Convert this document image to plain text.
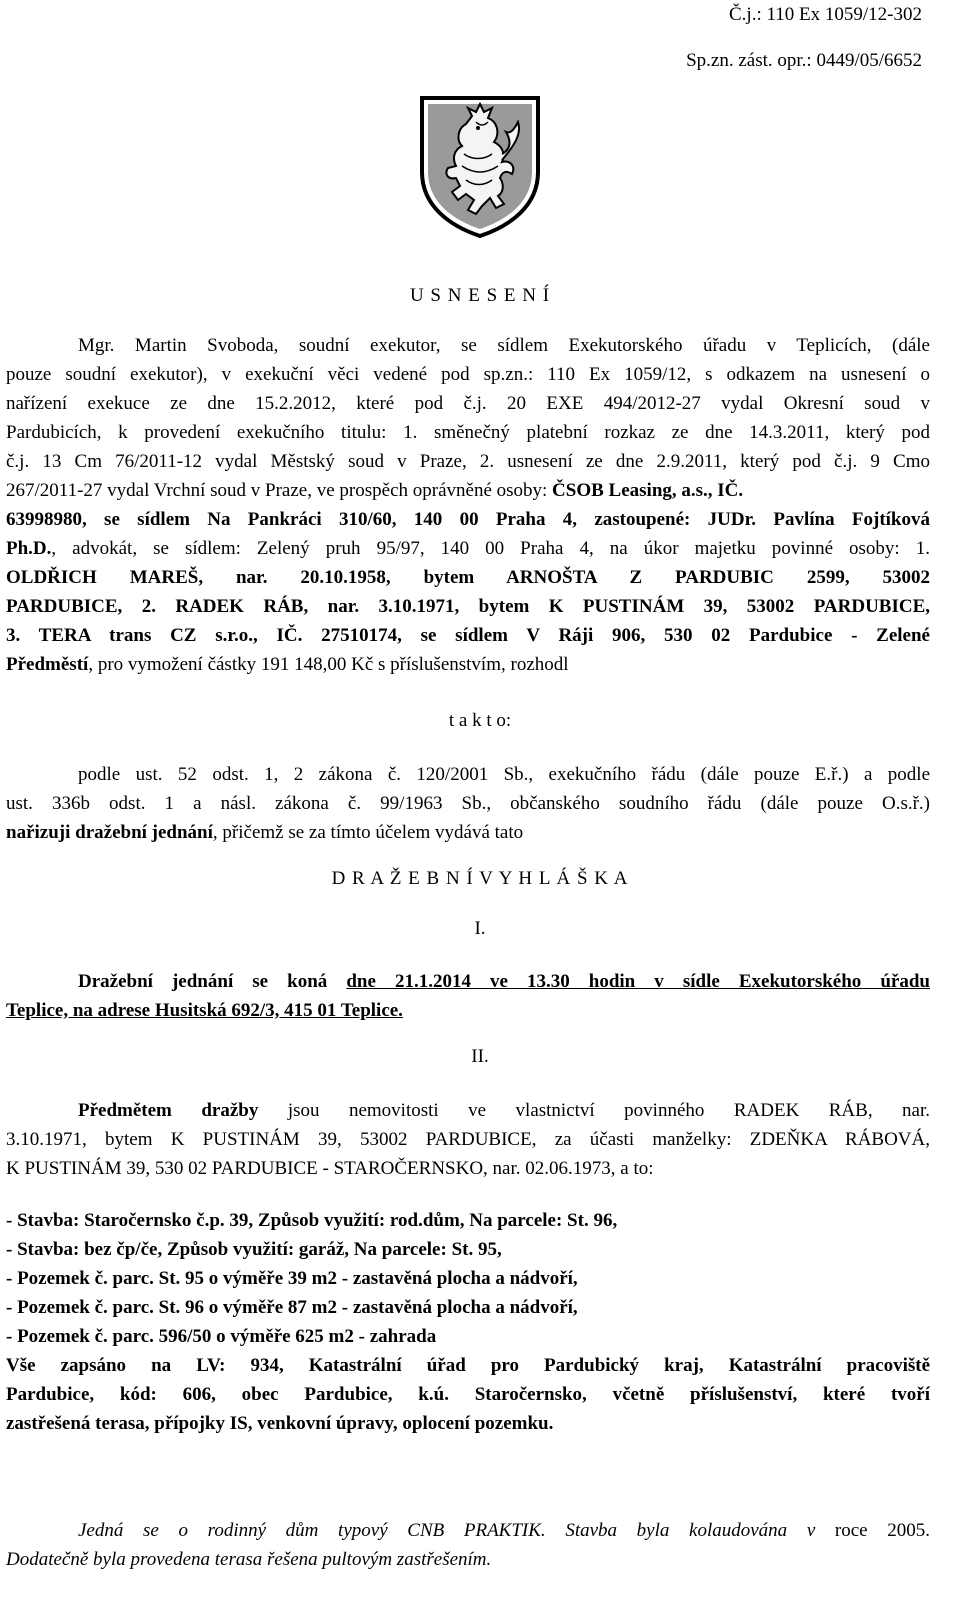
Č.j.: 110 Ex 1059/12-302
Sp.zn. zást. opr.: 0449/05/6652
U S N E S E N Í
Mgr. Martin Svoboda, soudní exekutor, se sídlem Exekutorského úřadu v Teplicích, (dále
pouze soudní exekutor), v exekuční věci vedené pod sp.zn.: 110 Ex 1059/12, s odkazem na usnesení o
nařízení exekuce ze dne 15.2.2012, které pod č.j. 20 EXE 494/2012-27 vydal Okresní soud v
Pardubicích, k provedení exekučního titulu: 1. směnečný platební rozkaz ze dne 14.3.2011, který pod
č.j. 13 Cm 76/2011-12 vydal Městský soud v Praze, 2. usnesení ze dne 2.9.2011, který pod č.j. 9 Cmo
267/2011-27 vydal Vrchní soud v Praze, ve prospěch oprávněné osoby: ČSOB Leasing, a.s., IČ.
63998980, se sídlem Na Pankráci 310/60, 140 00 Praha 4, zastoupené: JUDr. Pavlína Fojtíková
Ph.D., advokát, se sídlem: Zelený pruh 95/97, 140 00 Praha 4, na úkor majetku povinné osoby: 1.
OLDŘICH MAREŠ, nar. 20.10.1958, bytem ARNOŠTA Z PARDUBIC 2599, 53002
PARDUBICE, 2. RADEK RÁB, nar. 3.10.1971, bytem K PUSTINÁM 39, 53002 PARDUBICE,
3. TERA trans CZ s.r.o., IČ. 27510174, se sídlem V Ráji 906, 530 02 Pardubice - Zelené
Předměstí, pro vymožení částky 191 148,00 Kč s příslušenstvím, rozhodl
t a k t o:
podle ust. 52 odst. 1, 2 zákona č. 120/2001 Sb., exekučního řádu (dále pouze E.ř.) a podle
ust. 336b odst. 1 a násl. zákona č. 99/1963 Sb., občanského soudního řádu (dále pouze O.s.ř.)
nařizuji dražební jednání, přičemž se za tímto účelem vydává tato
D R A Ž E B N Í V Y H L Á Š K A
I.
Dražební jednání se koná dne 21.1.2014 ve 13.30 hodin v sídle Exekutorského úřadu
Teplice, na adrese Husitská 692/3, 415 01 Teplice.
II.
Předmětem dražby jsou nemovitosti ve vlastnictví povinného RADEK RÁB, nar.
3.10.1971, bytem K PUSTINÁM 39, 53002 PARDUBICE, za účasti manželky: ZDEŇKA RÁBOVÁ,
K PUSTINÁM 39, 530 02 PARDUBICE - STAROČERNSKO, nar. 02.06.1973, a to:
- Stavba: Staročernsko č.p. 39, Způsob využití: rod.dům, Na parcele: St. 96,
- Stavba: bez čp/če, Způsob využití: garáž, Na parcele: St. 95,
- Pozemek č. parc. St. 95 o výměře 39 m2 - zastavěná plocha a nádvoří,
- Pozemek č. parc. St. 96 o výměře 87 m2 - zastavěná plocha a nádvoří,
- Pozemek č. parc. 596/50 o výměře 625 m2 - zahrada
Vše zapsáno na LV: 934, Katastrální úřad pro Pardubický kraj, Katastrální pracoviště
Pardubice, kód: 606, obec Pardubice, k.ú. Staročernsko, včetně příslušenství, které tvoří
zastřešená terasa, přípojky IS, venkovní úpravy, oplocení pozemku.
Jedná se o rodinný dům typový CNB PRAKTIK. Stavba byla kolaudována v roce 2005.
Dodatečně byla provedena terasa řešena pultovým zastřešením.
